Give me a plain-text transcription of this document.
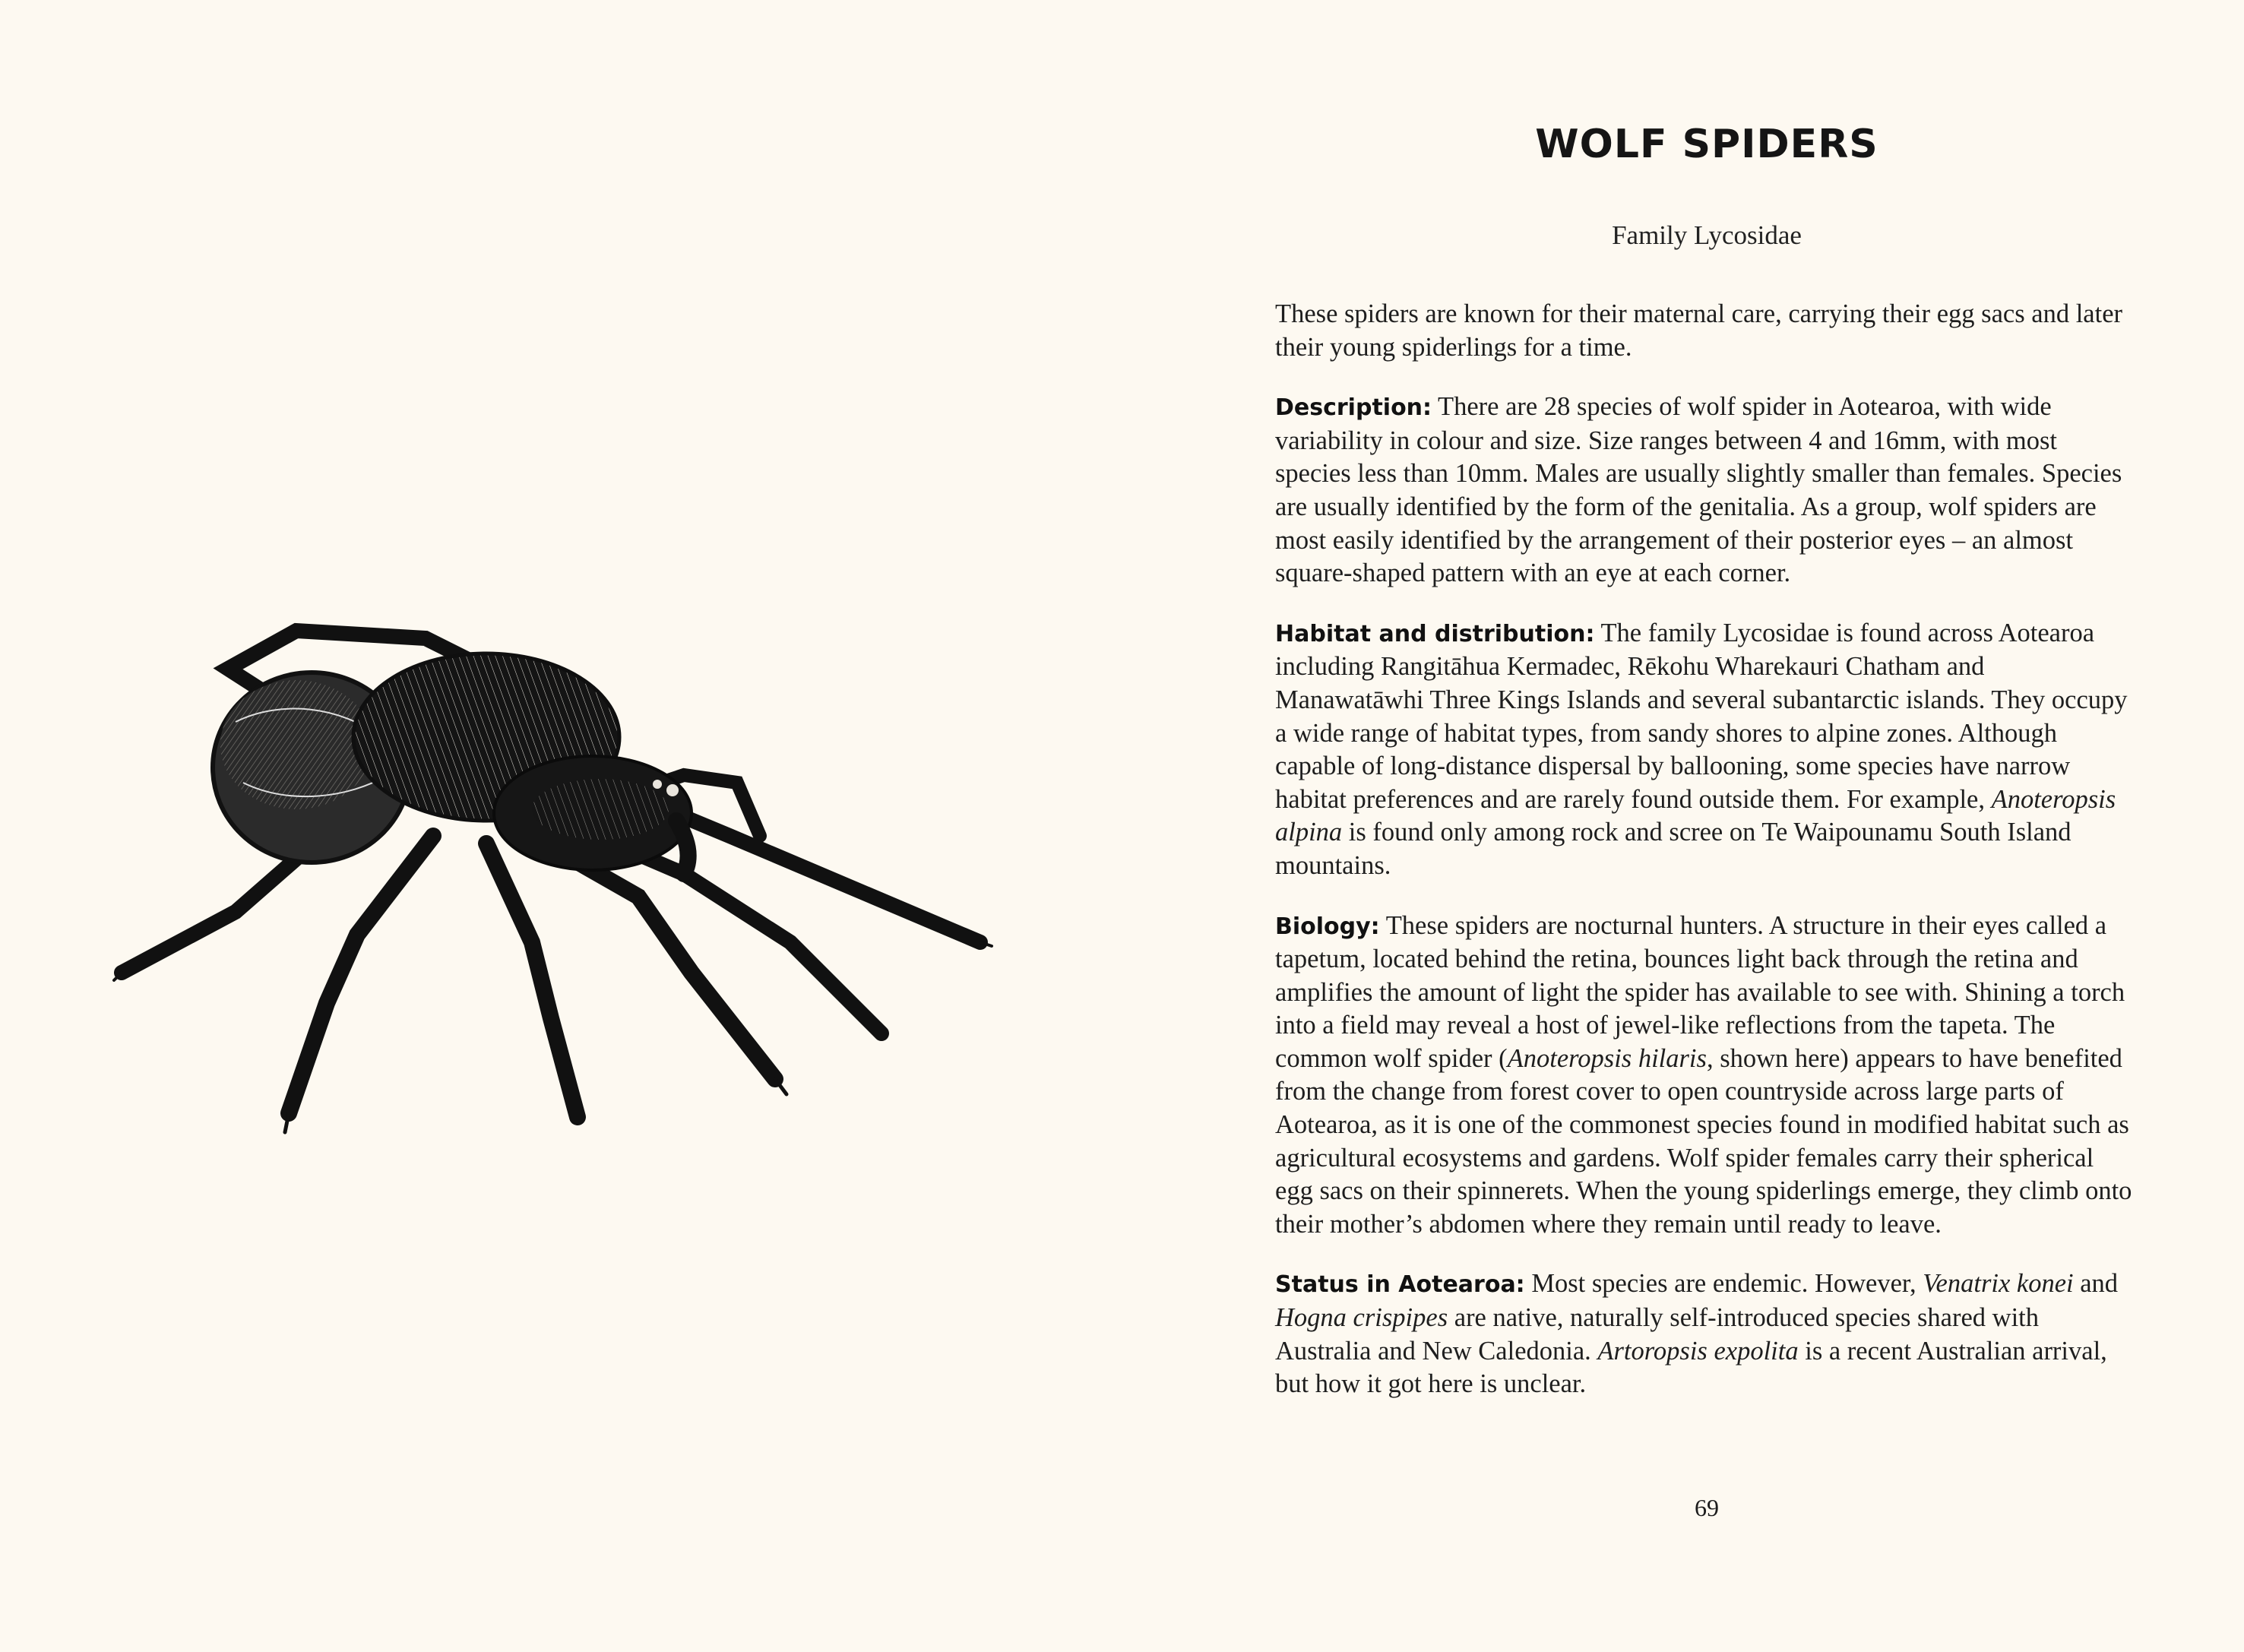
WOLF SPIDERS

Family Lycosidae

These spiders are known for their maternal care, carrying their egg sacs and later their young spiderlings for a time.

Description: There are 28 species of wolf spider in Aotearoa, with wide variability in colour and size. Size ranges between 4 and 16mm, with most species less than 10mm. Males are usually slightly smaller than females. Species are usually identified by the form of the genitalia. As a group, wolf spiders are most easily identified by the arrangement of their posterior eyes – an almost square-shaped pattern with an eye at each corner.

Habitat and distribution: The family Lycosidae is found across Aotearoa including Rangitāhua Kermadec, Rēkohu Wharekauri Chatham and Manawatāwhi Three Kings Islands and several subantarctic islands. They occupy a wide range of habitat types, from sandy shores to alpine zones. Although capable of long-distance dispersal by ballooning, some species have narrow habitat preferences and are rarely found outside them. For example, Anoteropsis alpina is found only among rock and scree on Te Waipounamu South Island mountains.

Biology: These spiders are nocturnal hunters. A structure in their eyes called a tapetum, located behind the retina, bounces light back through the retina and amplifies the amount of light the spider has available to see with. Shining a torch into a field may reveal a host of jewel-like reflections from the tapeta. The common wolf spider (Anoteropsis hilaris, shown here) appears to have benefited from the change from forest cover to open countryside across large parts of Aotearoa, as it is one of the commonest species found in modified habitat such as agricultural ecosystems and gardens. Wolf spider females carry their spherical egg sacs on their spinnerets. When the young spiderlings emerge, they climb onto their mother’s abdomen where they remain until ready to leave.

Status in Aotearoa: Most species are endemic. However, Venatrix konei and Hogna crispipes are native, naturally self-introduced species shared with Australia and New Caledonia. Artoropsis expolita is a recent Australian arrival, but how it got here is unclear.

69
